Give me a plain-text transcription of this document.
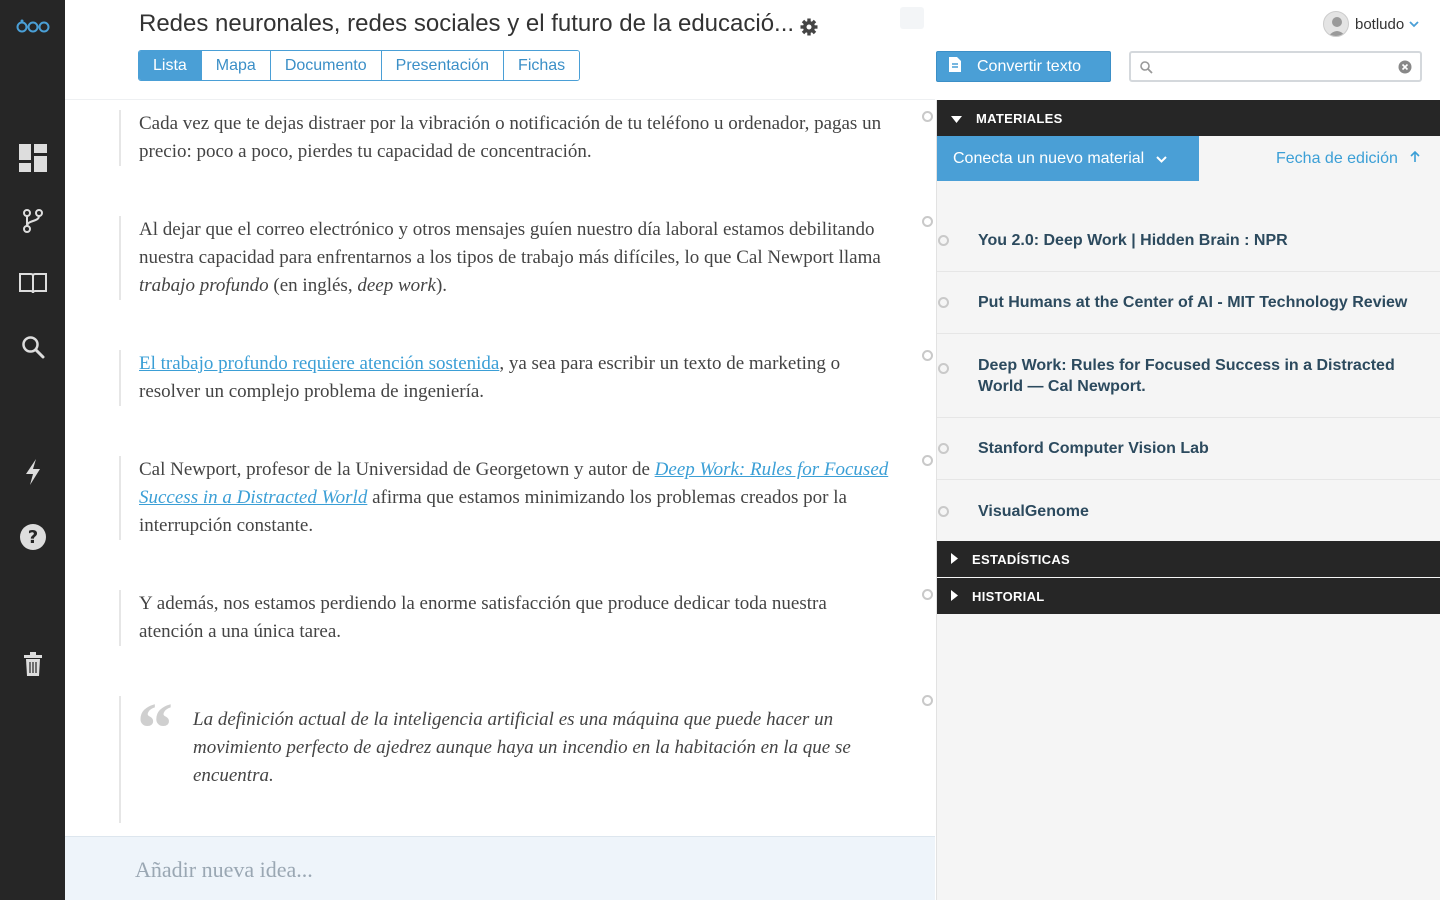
?
Redes neuronales, redes sociales y el futuro de la educació...
Lista	Mapa	Documento	Presentación	Fichas	Convertir texto
botludo
Cada vez que te dejas distraer por la vibración o notificación de tu teléfono u ordenador, pagas un precio: poco a poco, pierdes tu capacidad de concentración.
Al dejar que el correo electrónico y otros mensajes guíen nuestro día laboral estamos debilitando nuestra capacidad para enfrentarnos a los tipos de trabajo más difíciles, lo que Cal Newport llama trabajo profundo (en inglés, deep work).
El trabajo profundo requiere atención sostenida, ya sea para escribir un texto de marketing o resolver un complejo problema de ingeniería.
Cal Newport, profesor de la Universidad de Georgetown y autor de Deep Work: Rules for Focused Success in a Distracted World afirma que estamos minimizando los problemas creados por la interrupción constante.
Y además, nos estamos perdiendo la enorme satisfacción que produce dedicar toda nuestra atención a una única tarea.
“	La definición actual de la inteligencia artificial es una máquina que puede hacer un movimiento perfecto de ajedrez aunque haya un incendio en la habitación en la que se encuentra.
Añadir nueva idea...
MATERIALES
Conecta un nuevo material	Fecha de edición
You 2.0: Deep Work | Hidden Brain : NPR
Put Humans at the Center of AI - MIT Technology Review
Deep Work: Rules for Focused Success in a Distracted World — Cal Newport.
Stanford Computer Vision Lab
VisualGenome
ESTADÍSTICAS
HISTORIAL
